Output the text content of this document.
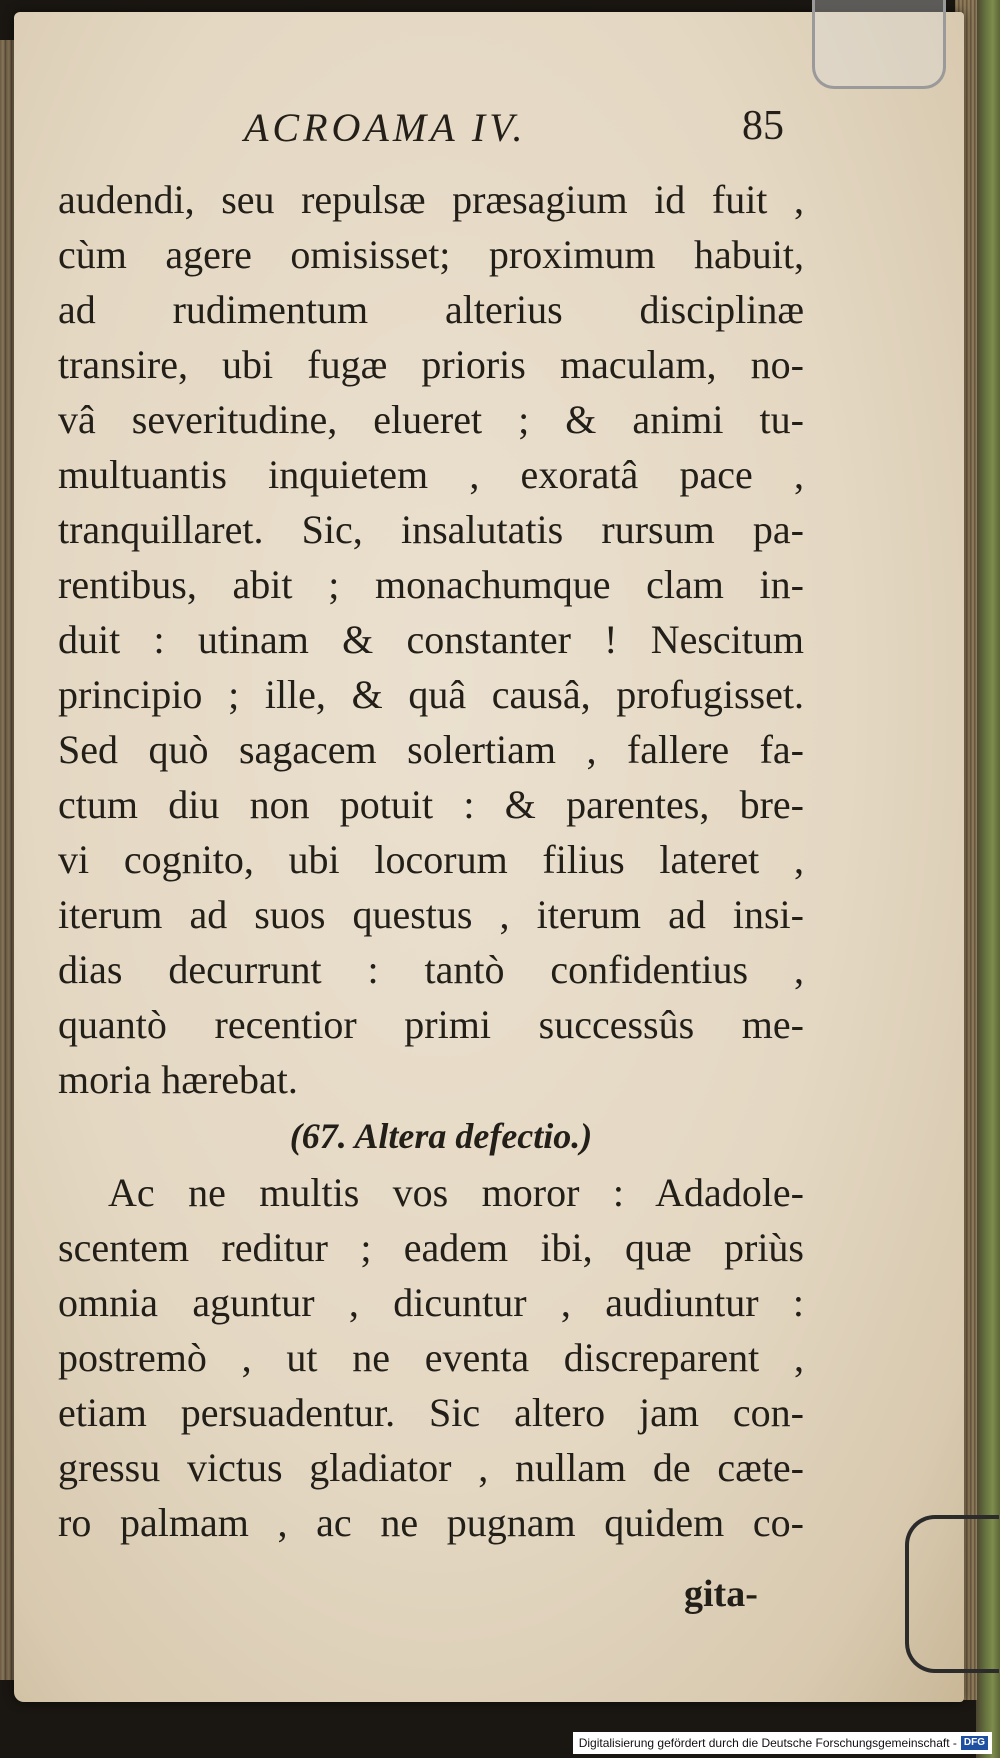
ACROAMA IV.	85
audendi, seu repulsæ præsagium id fuit ,
cùm agere omisisset; proximum habuit,
ad rudimentum alterius disciplinæ
transire, ubi fugæ prioris maculam, no-
vâ severitudine, elueret ; & animi tu-
multuantis inquietem , exoratâ pace ,
tranquillaret. Sic, insalutatis rursum pa-
rentibus, abit ; monachumque clam in-
duit : utinam & constanter ! Nescitum
principio ; ille, & quâ causâ, profugisset.
Sed quò sagacem solertiam , fallere fa-
ctum diu non potuit : & parentes, bre-
vi cognito, ubi locorum filius lateret ,
iterum ad suos questus , iterum ad insi-
dias decurrunt : tantò confidentius ,
quantò recentior primi successûs me-
moria hærebat.
(67. Altera defectio.)
Ac ne multis vos moror : Adadole-
scentem reditur ; eadem ibi, quæ priùs
omnia aguntur , dicuntur , audiuntur :
postremò , ut ne eventa discreparent ,
etiam persuadentur. Sic altero jam con-
gressu victus gladiator , nullam de cæte-
ro palmam , ac ne pugnam quidem co-
gita-
Digitalisierung gefördert durch die Deutsche Forschungsgemeinschaft - DFG
